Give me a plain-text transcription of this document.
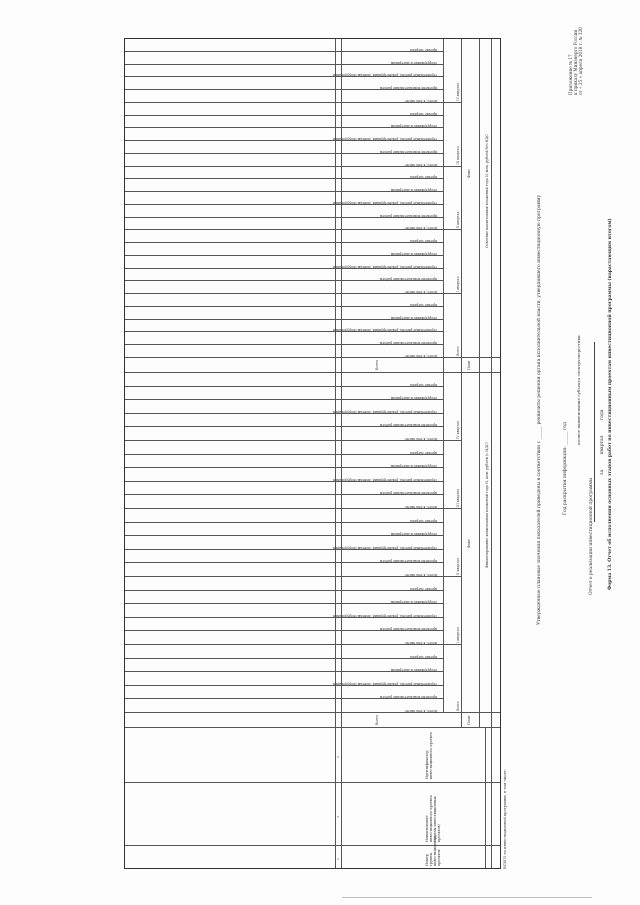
Форма 13. Отчет об исполнении основных этапов работ по инвестиционным проектам инвестиционной программы (нарастающим итогом)
за квартал года
Отчет о реализации инвестиционной программы
полное наименование субъекта электроэнергетики
Год раскрытия информации: ______ год
Утвержденные плановые значения показателей приведены в соответствии с ______ реквизиты решения органа исполнительной власти, утвердившего инвестиционную программу
Приложение № 17 к приказу Минэнерго России от « 25 » апреля 2018 г. № 320
Номер группы инвестиционных проектов
Наименование инвестиционного проекта (группы инвестиционных проектов)
Идентификатор инвестиционного проекта
Финансирование капитальных вложений года N, млн. рублей (с НДС)
Освоение капитальных вложений года N, млн. рублей без НДС
План
План
Факт
Факт
Всего
Всего
1
2
3
Всего
Всего, в том числе:
проектно-изыскательские работы
строительные работы, реконструкция, монтаж оборудования
оборудование и материалы
прочие затраты
I квартал
Всего, в том числе:
проектно-изыскательские работы
строительные работы, реконструкция, монтаж оборудования
оборудование и материалы
прочие затраты
II квартал
Всего, в том числе:
проектно-изыскательские работы
строительные работы, реконструкция, монтаж оборудования
оборудование и материалы
прочие затраты
III квартал
Всего, в том числе:
проектно-изыскательские работы
строительные работы, реконструкция, монтаж оборудования
оборудование и материалы
прочие затраты
IV квартал
Всего, в том числе:
проектно-изыскательские работы
строительные работы, реконструкция, монтаж оборудования
оборудование и материалы
прочие затраты
Всего
Всего, в том числе:
проектно-изыскательские работы
строительные работы, реконструкция, монтаж оборудования
оборудование и материалы
прочие затраты
I квартал
Всего, в том числе:
проектно-изыскательские работы
строительные работы, реконструкция, монтаж оборудования
оборудование и материалы
прочие затраты
II квартал
Всего, в том числе:
проектно-изыскательские работы
строительные работы, реконструкция, монтаж оборудования
оборудование и материалы
прочие затраты
III квартал
Всего, в том числе:
проектно-изыскательские работы
строительные работы, реконструкция, монтаж оборудования
оборудование и материалы
прочие затраты
IV квартал
Всего, в том числе:
проектно-изыскательские работы
строительные работы, реконструкция, монтаж оборудования
оборудование и материалы
прочие затраты
ВСЕГО по инвестиционной программе, в том числе:
